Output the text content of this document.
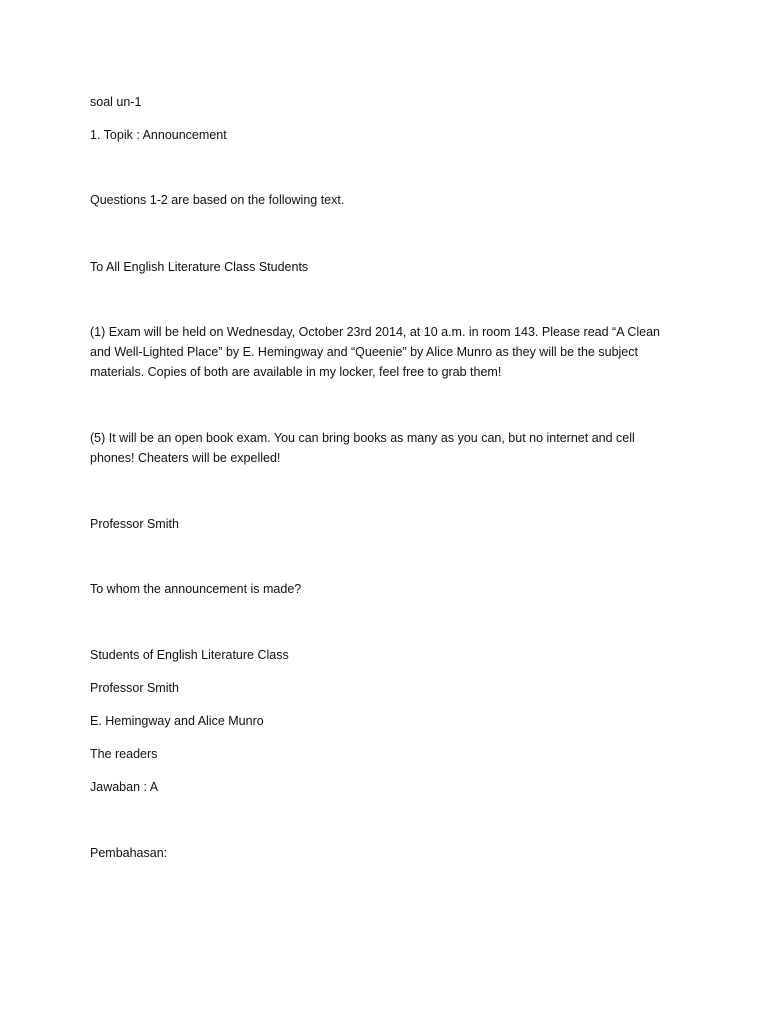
soal un-1
1. Topik : Announcement
Questions 1-2 are based on the following text.
To All English Literature Class Students
(1) Exam will be held on Wednesday, October 23rd 2014, at 10 a.m. in room 143. Please read “A Clean and Well-Lighted Place” by E. Hemingway and “Queenie” by Alice Munro as they will be the subject materials. Copies of both are available in my locker, feel free to grab them!
(5) It will be an open book exam. You can bring books as many as you can, but no internet and cell phones! Cheaters will be expelled!
Professor Smith
To whom the announcement is made?
Students of English Literature Class
Professor Smith
E. Hemingway and Alice Munro
The readers
Jawaban : A
Pembahasan:
